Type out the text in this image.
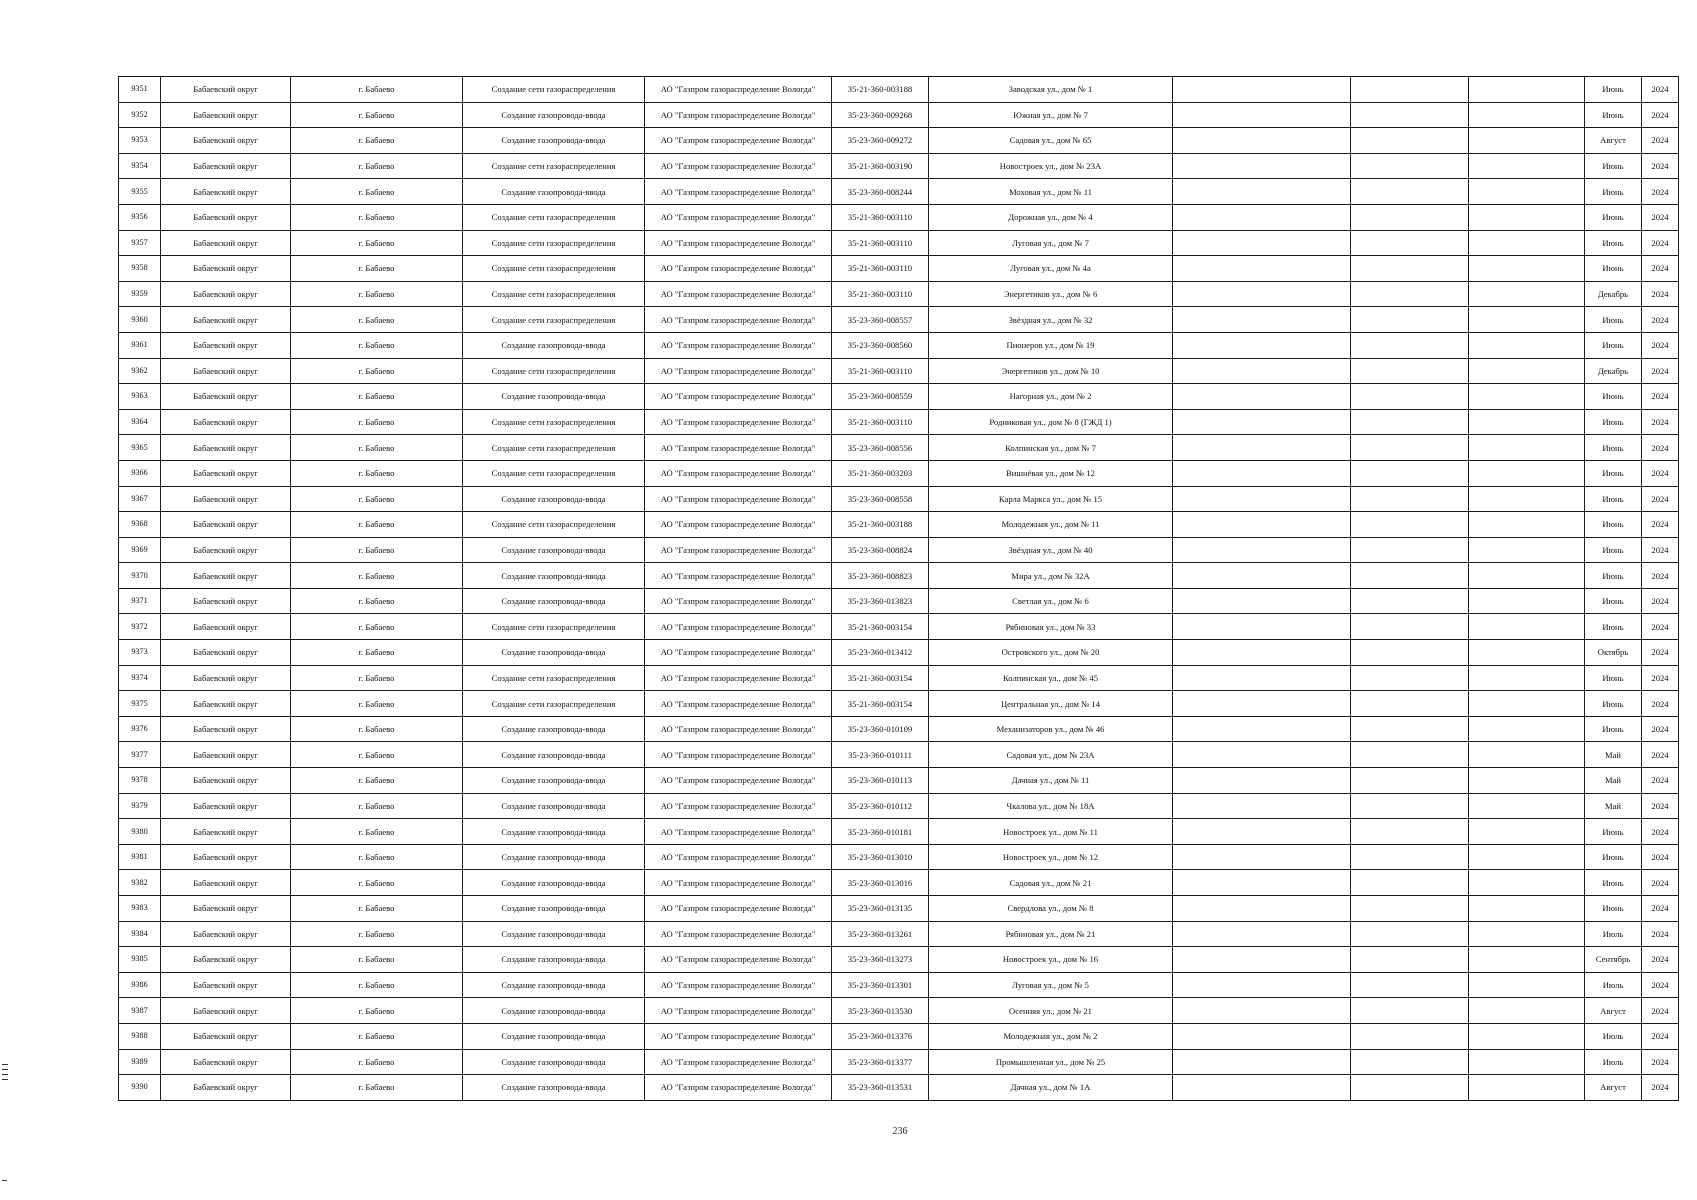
9351	Бабаевский округ	г. Бабаево	Создание сети газораспределения	АО "Газпром газораспределение Вологда"	35-21-360-003188	Заводская ул., дом № 1				Июнь	2024
9352	Бабаевский округ	г. Бабаево	Создание газопровода-ввода	АО "Газпром газораспределение Вологда"	35-23-360-009268	Южная ул., дом № 7				Июнь	2024
9353	Бабаевский округ	г. Бабаево	Создание газопровода-ввода	АО "Газпром газораспределение Вологда"	35-23-360-009272	Садовая ул., дом № 65				Август	2024
9354	Бабаевский округ	г. Бабаево	Создание сети газораспределения	АО "Газпром газораспределение Вологда"	35-21-360-003190	Новостроек ул., дом № 23А				Июнь	2024
9355	Бабаевский округ	г. Бабаево	Создание газопровода-ввода	АО "Газпром газораспределение Вологда"	35-23-360-008244	Моховая ул., дом № 11				Июнь	2024
9356	Бабаевский округ	г. Бабаево	Создание сети газораспределения	АО "Газпром газораспределение Вологда"	35-21-360-003110	Дорожная ул., дом № 4				Июнь	2024
9357	Бабаевский округ	г. Бабаево	Создание сети газораспределения	АО "Газпром газораспределение Вологда"	35-21-360-003110	Луговая ул., дом № 7				Июнь	2024
9358	Бабаевский округ	г. Бабаево	Создание сети газораспределения	АО "Газпром газораспределение Вологда"	35-21-360-003110	Луговая ул., дом № 4а				Июнь	2024
9359	Бабаевский округ	г. Бабаево	Создание сети газораспределения	АО "Газпром газораспределение Вологда"	35-21-360-003110	Энергетиков ул., дом № 6				Декабрь	2024
9360	Бабаевский округ	г. Бабаево	Создание сети газораспределения	АО "Газпром газораспределение Вологда"	35-23-360-008557	Звёздная ул., дом № 32				Июнь	2024
9361	Бабаевский округ	г. Бабаево	Создание газопровода-ввода	АО "Газпром газораспределение Вологда"	35-23-360-008560	Пионеров ул., дом № 19				Июнь	2024
9362	Бабаевский округ	г. Бабаево	Создание сети газораспределения	АО "Газпром газораспределение Вологда"	35-21-360-003110	Энергетиков ул., дом № 10				Декабрь	2024
9363	Бабаевский округ	г. Бабаево	Создание газопровода-ввода	АО "Газпром газораспределение Вологда"	35-23-360-008559	Нагорная ул., дом № 2				Июнь	2024
9364	Бабаевский округ	г. Бабаево	Создание сети газораспределения	АО "Газпром газораспределение Вологда"	35-21-360-003110	Родниковая ул., дом № 8 (ГЖД 1)				Июнь	2024
9365	Бабаевский округ	г. Бабаево	Создание сети газораспределения	АО "Газпром газораспределение Вологда"	35-23-360-008556	Колпинская ул., дом № 7				Июнь	2024
9366	Бабаевский округ	г. Бабаево	Создание сети газораспределения	АО "Газпром газораспределение Вологда"	35-21-360-003203	Вишнёвая ул., дом № 12				Июнь	2024
9367	Бабаевский округ	г. Бабаево	Создание газопровода-ввода	АО "Газпром газораспределение Вологда"	35-23-360-008558	Карла Маркса ул., дом № 15				Июнь	2024
9368	Бабаевский округ	г. Бабаево	Создание сети газораспределения	АО "Газпром газораспределение Вологда"	35-21-360-003188	Молодежная ул., дом № 11				Июнь	2024
9369	Бабаевский округ	г. Бабаево	Создание газопровода-ввода	АО "Газпром газораспределение Вологда"	35-23-360-008824	Звёздная ул., дом № 40				Июнь	2024
9370	Бабаевский округ	г. Бабаево	Создание газопровода-ввода	АО "Газпром газораспределение Вологда"	35-23-360-008823	Мира ул., дом № 32А				Июнь	2024
9371	Бабаевский округ	г. Бабаево	Создание газопровода-ввода	АО "Газпром газораспределение Вологда"	35-23-360-013823	Светлая ул., дом № 6				Июнь	2024
9372	Бабаевский округ	г. Бабаево	Создание сети газораспределения	АО "Газпром газораспределение Вологда"	35-21-360-003154	Рябиновая ул., дом № 33				Июнь	2024
9373	Бабаевский округ	г. Бабаево	Создание газопровода-ввода	АО "Газпром газораспределение Вологда"	35-23-360-013412	Островского ул., дом № 20				Октябрь	2024
9374	Бабаевский округ	г. Бабаево	Создание сети газораспределения	АО "Газпром газораспределение Вологда"	35-21-360-003154	Колпинская ул., дом № 45				Июнь	2024
9375	Бабаевский округ	г. Бабаево	Создание сети газораспределения	АО "Газпром газораспределение Вологда"	35-21-360-003154	Центральная ул., дом № 14				Июнь	2024
9376	Бабаевский округ	г. Бабаево	Создание газопровода-ввода	АО "Газпром газораспределение Вологда"	35-23-360-010109	Механизаторов ул., дом № 46				Июнь	2024
9377	Бабаевский округ	г. Бабаево	Создание газопровода-ввода	АО "Газпром газораспределение Вологда"	35-23-360-010111	Садовая ул., дом № 23А				Май	2024
9378	Бабаевский округ	г. Бабаево	Создание газопровода-ввода	АО "Газпром газораспределение Вологда"	35-23-360-010113	Дачная ул., дом № 11				Май	2024
9379	Бабаевский округ	г. Бабаево	Создание газопровода-ввода	АО "Газпром газораспределение Вологда"	35-23-360-010112	Чкалова ул., дом № 18А				Май	2024
9380	Бабаевский округ	г. Бабаево	Создание газопровода-ввода	АО "Газпром газораспределение Вологда"	35-23-360-010181	Новостроек ул., дом № 11				Июнь	2024
9381	Бабаевский округ	г. Бабаево	Создание газопровода-ввода	АО "Газпром газораспределение Вологда"	35-23-360-013010	Новостроек ул., дом № 12				Июнь	2024
9382	Бабаевский округ	г. Бабаево	Создание газопровода-ввода	АО "Газпром газораспределение Вологда"	35-23-360-013016	Садовая ул., дом № 21				Июнь	2024
9383	Бабаевский округ	г. Бабаево	Создание газопровода-ввода	АО "Газпром газораспределение Вологда"	35-23-360-013135	Свердлова ул., дом № 8				Июнь	2024
9384	Бабаевский округ	г. Бабаево	Создание газопровода-ввода	АО "Газпром газораспределение Вологда"	35-23-360-013261	Рябиновая ул., дом № 21				Июль	2024
9385	Бабаевский округ	г. Бабаево	Создание газопровода-ввода	АО "Газпром газораспределение Вологда"	35-23-360-013273	Новостроек ул., дом № 16				Сентябрь	2024
9386	Бабаевский округ	г. Бабаево	Создание газопровода-ввода	АО "Газпром газораспределение Вологда"	35-23-360-013301	Луговая ул., дом № 5				Июль	2024
9387	Бабаевский округ	г. Бабаево	Создание газопровода-ввода	АО "Газпром газораспределение Вологда"	35-23-360-013530	Осенняя ул., дом № 21				Август	2024
9388	Бабаевский округ	г. Бабаево	Создание газопровода-ввода	АО "Газпром газораспределение Вологда"	35-23-360-013376	Молодежная ул., дом № 2				Июль	2024
9389	Бабаевский округ	г. Бабаево	Создание газопровода-ввода	АО "Газпром газораспределение Вологда"	35-23-360-013377	Промышленная ул., дом № 25				Июль	2024
9390	Бабаевский округ	г. Бабаево	Создание газопровода-ввода	АО "Газпром газораспределение Вологда"	35-23-360-013531	Дачная ул., дом № 1А				Август	2024
236
